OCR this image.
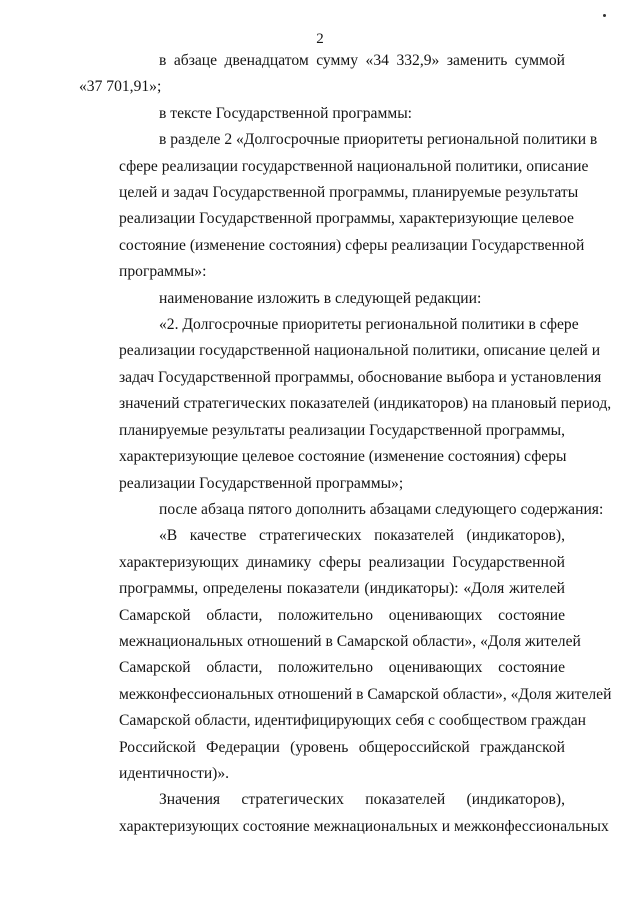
2

в абзаце двенадцатом сумму «34 332,9» заменить суммой
«37 701,91»;

в тексте Государственной программы:

в разделе 2 «Долгосрочные приоритеты региональной политики в
сфере реализации государственной национальной политики, описание
целей и задач Государственной программы, планируемые результаты
реализации Государственной программы, характеризующие целевое
состояние (изменение состояния) сферы реализации Государственной
программы»:

наименование изложить в следующей редакции:

«2. Долгосрочные приоритеты региональной политики в сфере
реализации государственной национальной политики, описание целей и
задач Государственной программы, обоснование выбора и установления
значений стратегических показателей (индикаторов) на плановый период,
планируемые результаты реализации Государственной программы,
характеризующие целевое состояние (изменение состояния) сферы
реализации Государственной программы»;

после абзаца пятого дополнить абзацами следующего содержания:

«В качестве стратегических показателей (индикаторов),
характеризующих динамику сферы реализации Государственной
программы, определены показатели (индикаторы): «Доля жителей
Самарской области, положительно оценивающих состояние
межнациональных отношений в Самарской области», «Доля жителей
Самарской области, положительно оценивающих состояние
межконфессиональных отношений в Самарской области», «Доля жителей
Самарской области, идентифицирующих себя с сообществом граждан
Российской Федерации (уровень общероссийской гражданской
идентичности)».

Значения стратегических показателей (индикаторов),
характеризующих состояние межнациональных и межконфессиональных
